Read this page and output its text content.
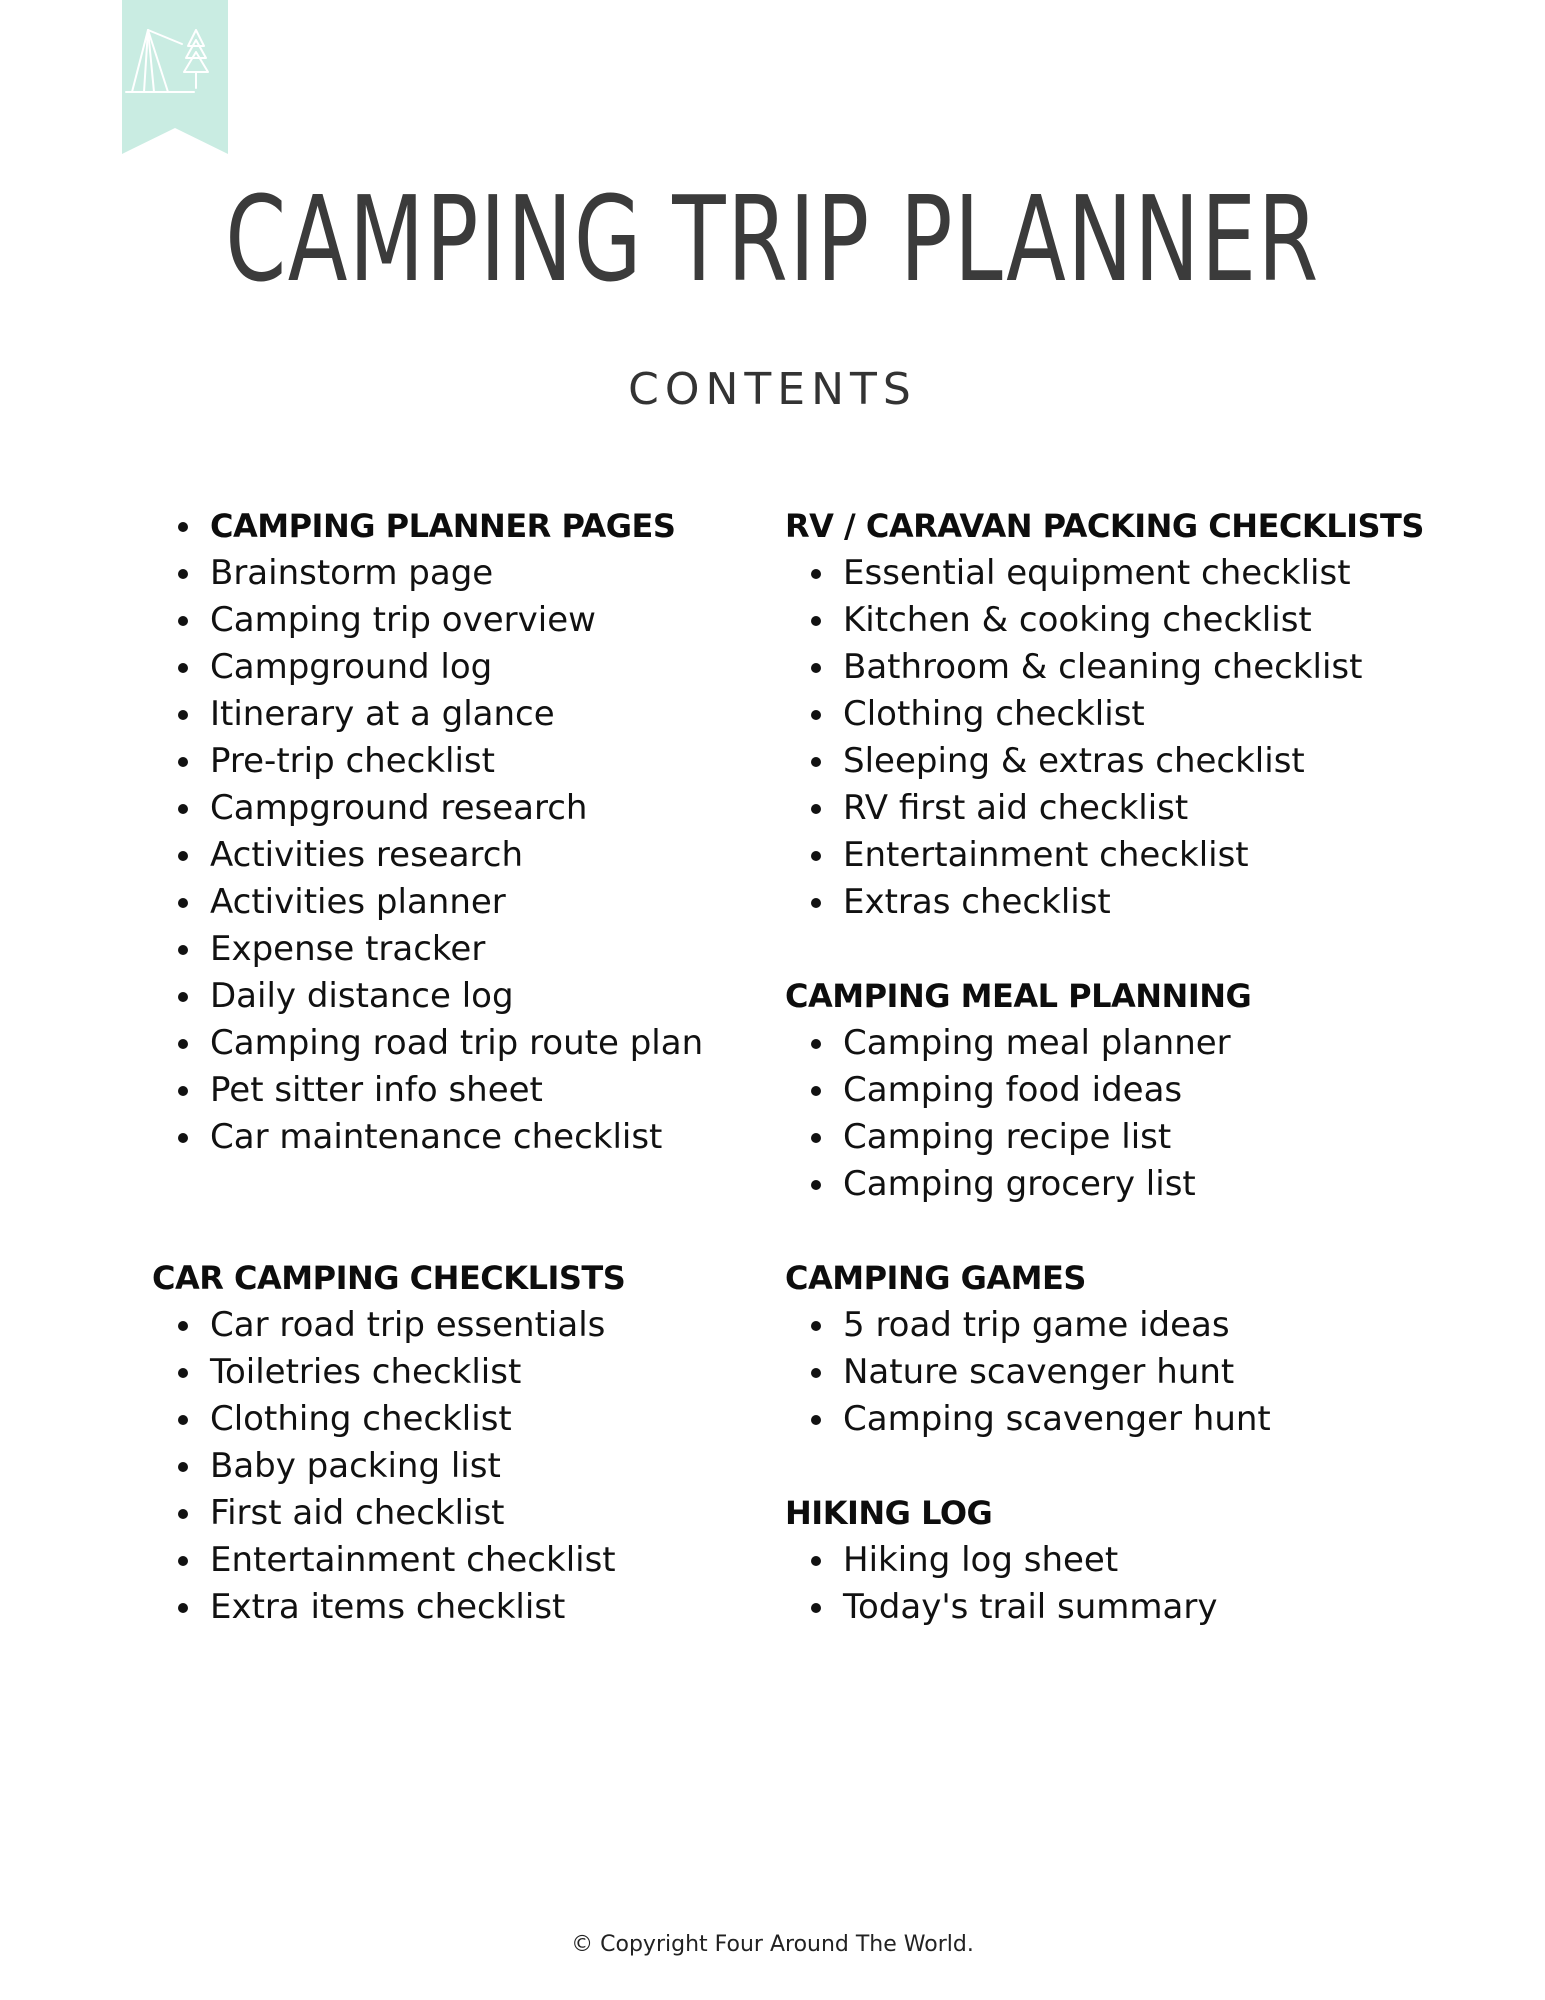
CAMPING TRIP PLANNER
CONTENTS
CAMPING PLANNER PAGES
Brainstorm page
Camping trip overview
Campground log
Itinerary at a glance
Pre-trip checklist
Campground research
Activities research
Activities planner
Expense tracker
Daily distance log
Camping road trip route plan
Pet sitter info sheet
Car maintenance checklist
CAR CAMPING CHECKLISTS
Car road trip essentials
Toiletries checklist
Clothing checklist
Baby packing list
First aid checklist
Entertainment checklist
Extra items checklist
RV / CARAVAN PACKING CHECKLISTS
Essential equipment checklist
Kitchen & cooking checklist
Bathroom & cleaning checklist
Clothing checklist
Sleeping & extras checklist
RV first aid checklist
Entertainment checklist
Extras checklist
CAMPING MEAL PLANNING
Camping meal planner
Camping food ideas
Camping recipe list
Camping grocery list
CAMPING GAMES
5 road trip game ideas
Nature scavenger hunt
Camping scavenger hunt
HIKING LOG
Hiking log sheet
Today's trail summary
© Copyright Four Around The World.
